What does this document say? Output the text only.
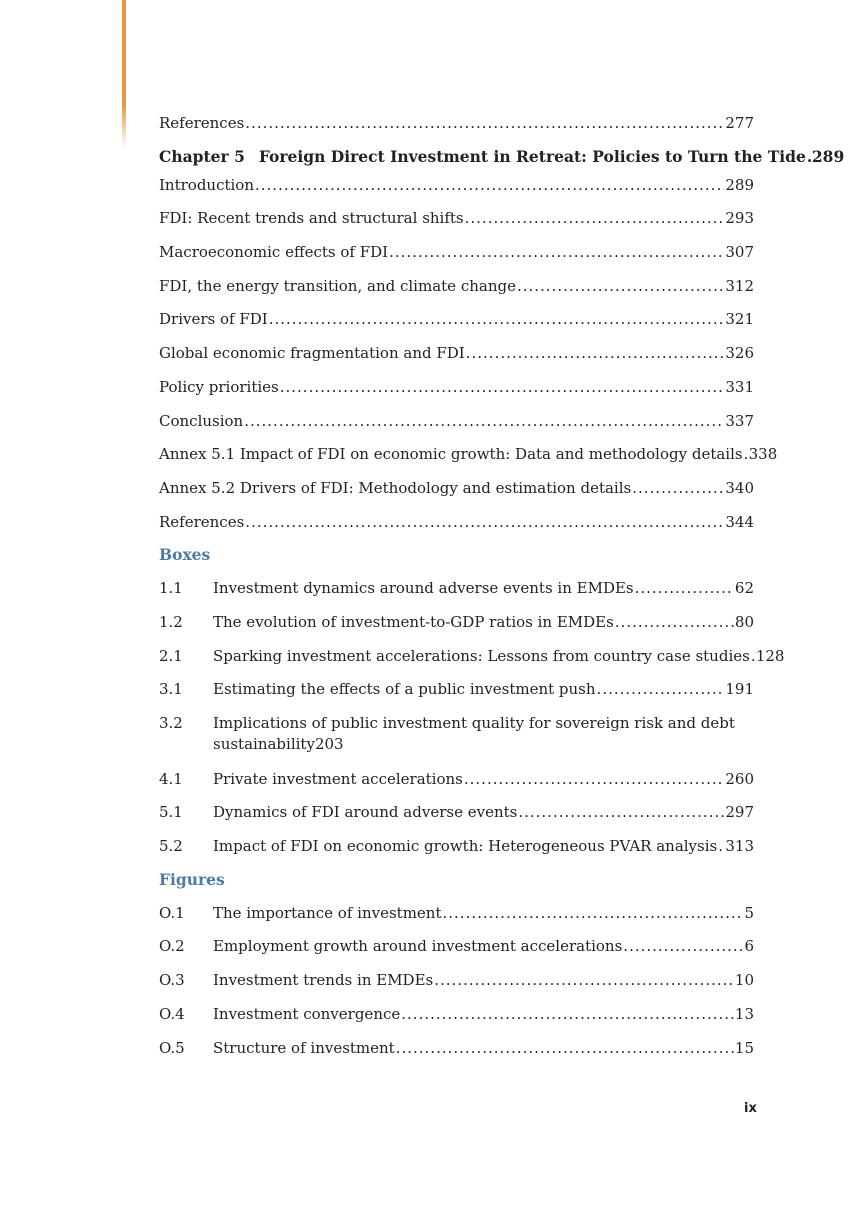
References .....	277
Chapter 5 Foreign Direct Investment in Retreat: Policies to Turn the Tide ..... 289
Introduction .....	289
FDI: Recent trends and structural shifts .....	293
Macroeconomic effects of FDI .....	307
FDI, the energy transition, and climate change .....	312
Drivers of FDI .....	321
Global economic fragmentation and FDI .....	326
Policy priorities .....	331
Conclusion .....	337
Annex 5.1 Impact of FDI on economic growth: Data and methodology details ..... 338
Annex 5.2 Drivers of FDI: Methodology and estimation details .....	340
References .....	344
Boxes
1.1	Investment dynamics around adverse events in EMDEs .....	62
1.2	The evolution of investment-to-GDP ratios in EMDEs .....	80
2.1	Sparking investment accelerations: Lessons from country case studies ..... 128
3.1	Estimating the effects of a public investment push .....	191
3.2	Implications of public investment quality for sovereign risk and debt
sustainability 203
4.1	Private investment accelerations .....	260
5.1	Dynamics of FDI around adverse events .....	297
5.2	Impact of FDI on economic growth: Heterogeneous PVAR analysis ..... 313
Figures
O.1	The importance of investment .....	5
O.2	Employment growth around investment accelerations .....	6
O.3	Investment trends in EMDEs .....	10
O.4	Investment convergence .....	13
O.5	Structure of investment .....	15
ix
